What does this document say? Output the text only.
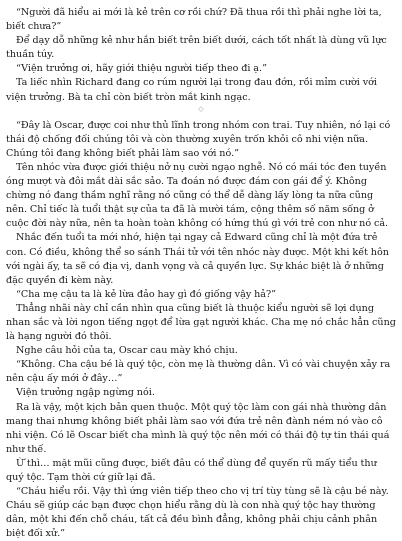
“Người đã hiểu ai mới là kẻ trên cơ rồi chứ? Đã thua rồi thì phải nghe lời ta, biết chưa?”

Để dạy dỗ những kẻ như hắn biết trên biết dưới, cách tốt nhất là dùng vũ lực thuần túy.

“Viện trưởng ơi, hãy giới thiệu người tiếp theo đi ạ.”

Ta liếc nhìn Richard đang co rúm người lại trong đau đớn, rồi mỉm cười với viện trưởng. Bà ta chỉ còn biết tròn mắt kinh ngạc.

◇

“Đây là Oscar, được coi như thủ lĩnh trong nhóm con trai. Tuy nhiên, nó lại có thái độ chống đối chúng tôi và còn thường xuyên trốn khỏi cô nhi viện nữa. Chúng tôi đang không biết phải làm sao với nó.”

Tên nhóc vừa được giới thiệu nở nụ cười ngạo nghễ. Nó có mái tóc đen tuyền óng mượt và đôi mắt dài sắc sảo. Ta đoán nó được đám con gái để ý. Không chừng nó đang thầm nghĩ rằng nó cũng có thể dễ dàng lấy lòng ta nữa cũng nên. Chỉ tiếc là tuổi thật sự của ta đã là mười tám, cộng thêm số năm sống ở cuộc đời này nữa, nên ta hoàn toàn không có hứng thú gì với trẻ con như nó cả.

Nhắc đến tuổi ta mới nhớ, hiện tại ngay cả Edward cũng chỉ là một đứa trẻ con. Có điều, không thể so sánh Thái tử với tên nhóc này được. Một khi kết hôn với ngài ấy, ta sẽ có địa vị, danh vọng và cả quyền lực. Sự khác biệt là ở những đặc quyền đi kèm này.

“Cha mẹ cậu ta là kẻ lừa đảo hay gì đó giống vậy hả?”

Thẳng nhãi này chỉ cần nhìn qua cũng biết là thuộc kiểu người sẽ lợi dụng nhan sắc và lời ngon tiếng ngọt để lừa gạt người khác. Cha mẹ nó chắc hẳn cũng là hạng người đó thôi.

Nghe câu hỏi của ta, Oscar cau mày khó chịu.

“Không. Cha cậu bé là quý tộc, còn mẹ là thường dân. Vì có vài chuyện xảy ra nên cậu ấy mới ở đây…”

Viện trưởng ngập ngừng nói.

Ra là vậy, một kịch bản quen thuộc. Một quý tộc làm con gái nhà thường dân mang thai nhưng không biết phải làm sao với đứa trẻ nên đành ném nó vào cô nhi viện. Có lẽ Oscar biết cha mình là quý tộc nên mới có thái độ tự tin thái quá như thế.

Ừ thì… mặt mũi cũng được, biết đâu có thể dùng để quyến rũ mấy tiểu thư quý tộc. Tạm thời cứ giữ lại đã.

“Cháu hiểu rồi. Vậy thì ứng viên tiếp theo cho vị trí tùy tùng sẽ là cậu bé này. Cháu sẽ giúp các bạn được chọn hiểu rằng dù là con nhà quý tộc hay thường dân, một khi đến chỗ cháu, tất cả đều bình đẳng, không phải chịu cảnh phân biệt đối xử.”
